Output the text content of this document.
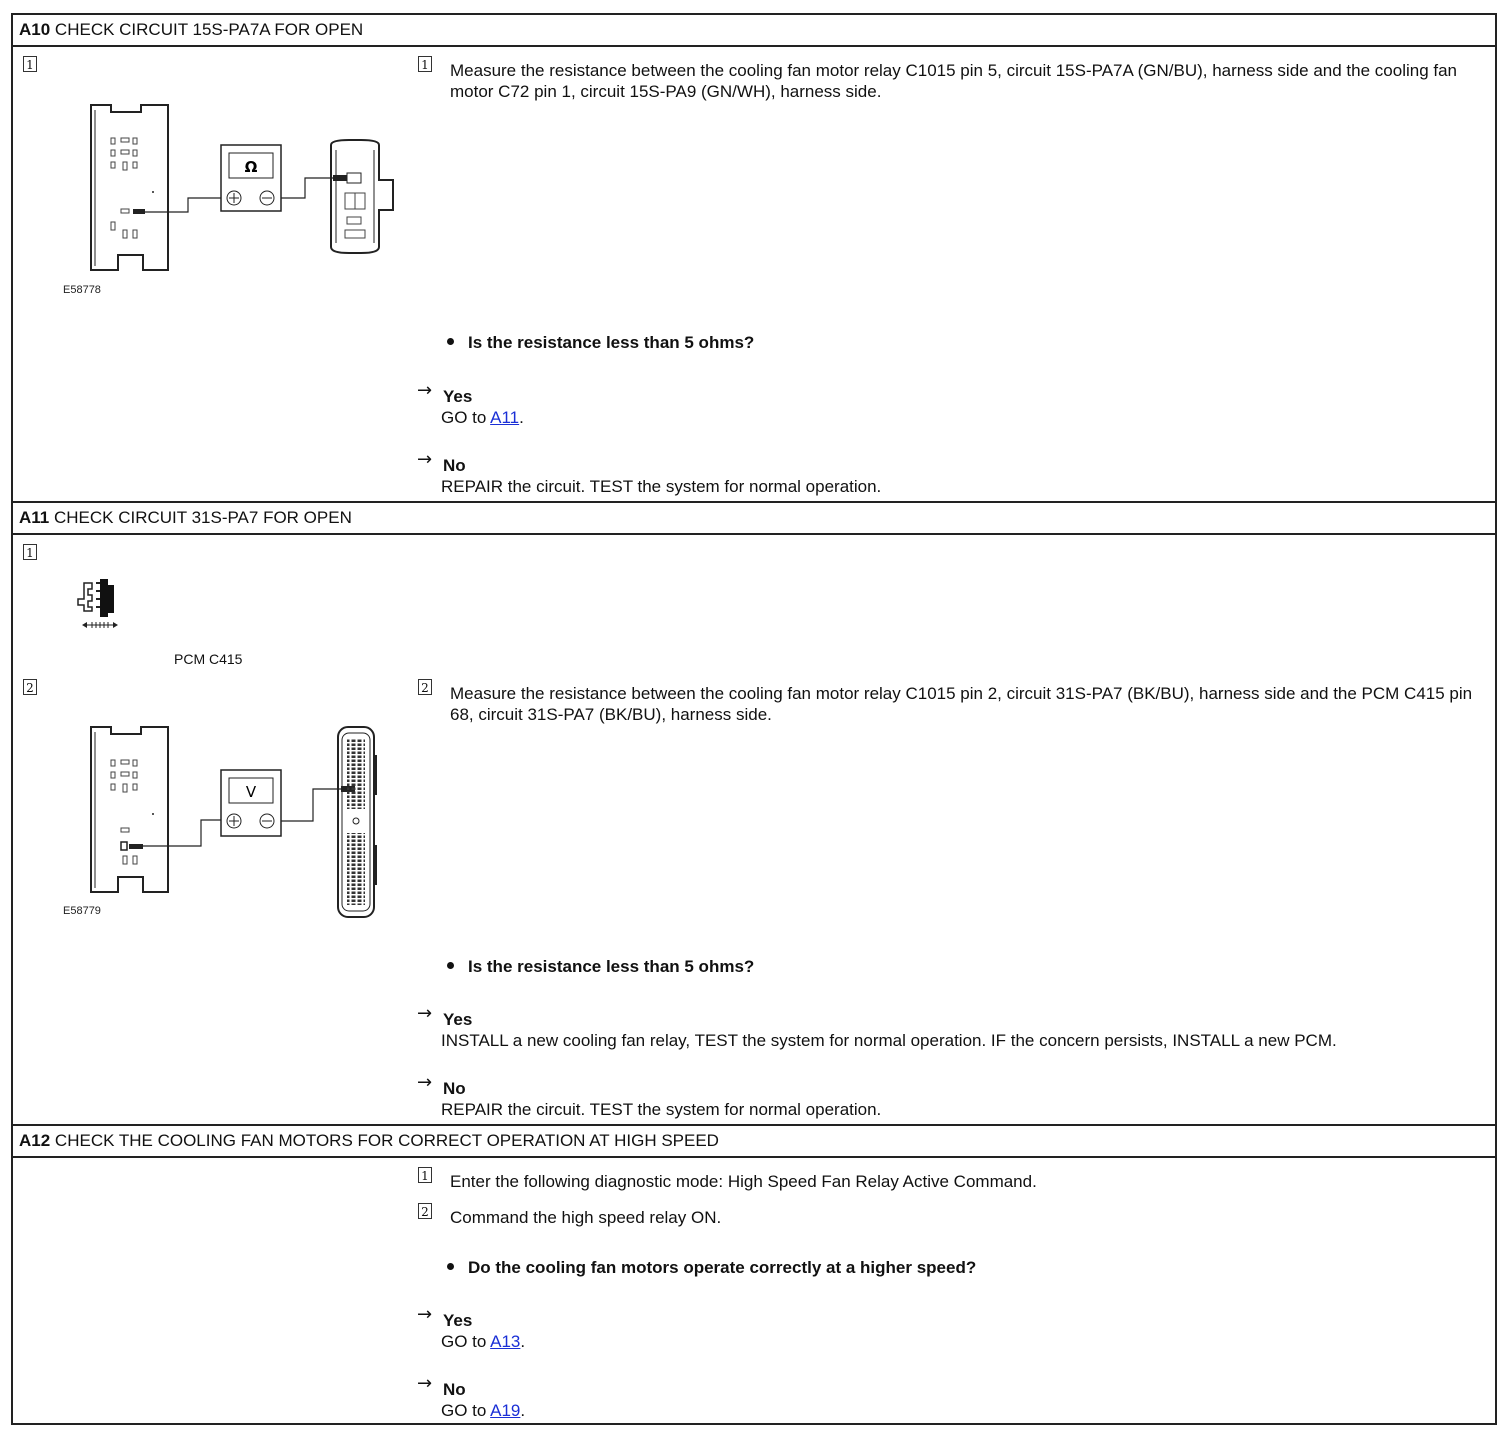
A10 CHECK CIRCUIT 15S-PA7A FOR OPEN
1
Ω
E58778
1 Measure the resistance between the cooling fan motor relay C1015 pin 5, circuit 15S-PA7A (GN/BU), harness side and the cooling fan motor C72 pin 1, circuit 15S-PA9 (GN/WH), harness side.
Is the resistance less than 5 ohms?
→ Yes
GO to A11.
→ No
REPAIR the circuit. TEST the system for normal operation.
A11 CHECK CIRCUIT 31S-PA7 FOR OPEN
1
PCM C415
2
V
E58779
2 Measure the resistance between the cooling fan motor relay C1015 pin 2, circuit 31S-PA7 (BK/BU), harness side and the PCM C415 pin 68, circuit 31S-PA7 (BK/BU), harness side.
Is the resistance less than 5 ohms?
→ Yes
INSTALL a new cooling fan relay, TEST the system for normal operation. IF the concern persists, INSTALL a new PCM.
→ No
REPAIR the circuit. TEST the system for normal operation.
A12 CHECK THE COOLING FAN MOTORS FOR CORRECT OPERATION AT HIGH SPEED
1 Enter the following diagnostic mode: High Speed Fan Relay Active Command.
2 Command the high speed relay ON.
Do the cooling fan motors operate correctly at a higher speed?
→ Yes
GO to A13.
→ No
GO to A19.
